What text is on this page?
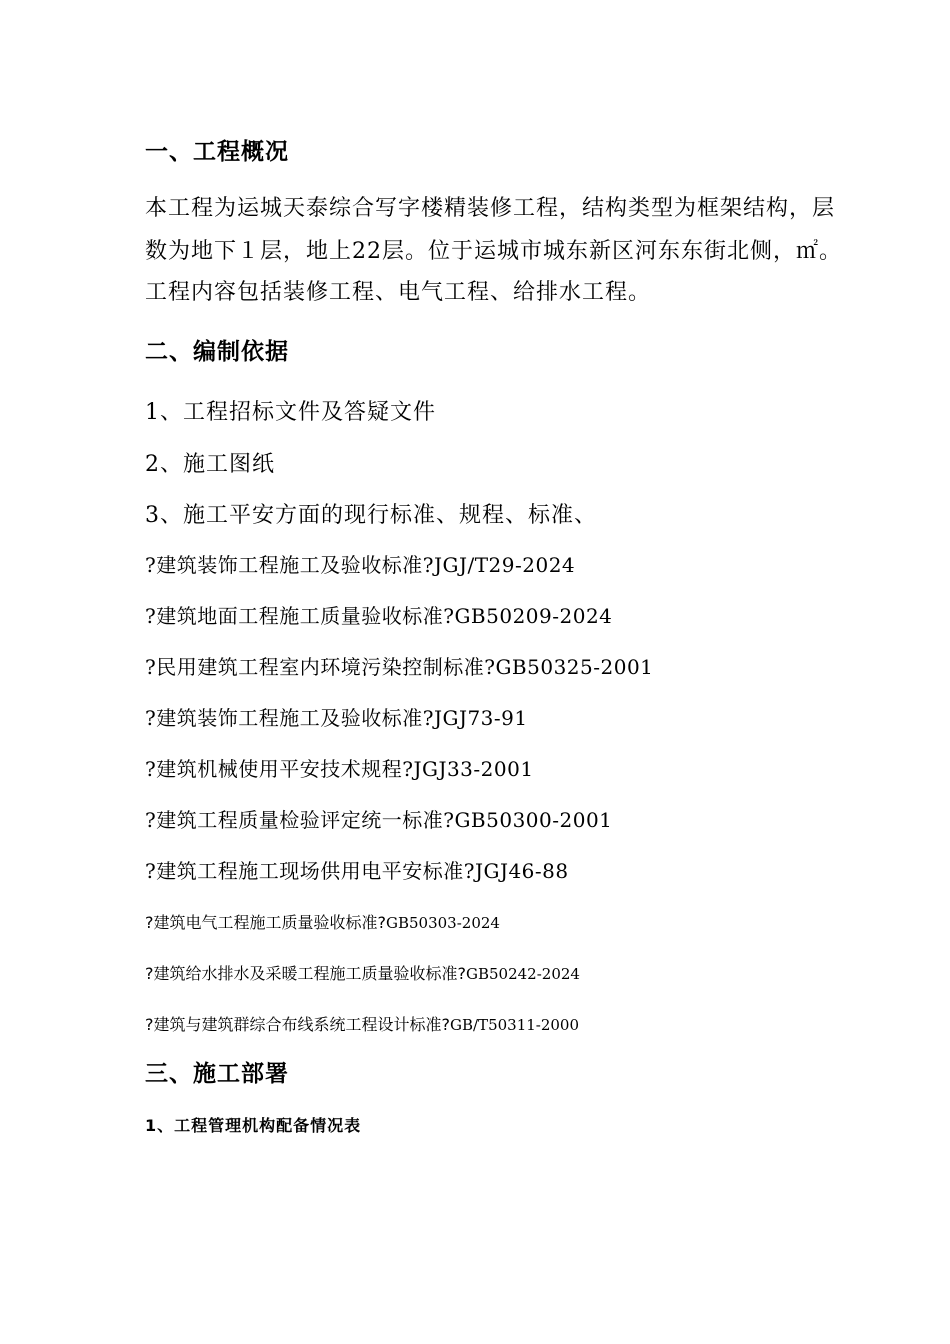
一、工程概况
本工程为运城天泰综合写字楼精装修工程，结构类型为框架结构，层
数为地下１层，地上22层。位于运城市城东新区河东东街北侧，㎡。
工程内容包括装修工程、电气工程、给排水工程。
二、编制依据
1、工程招标文件及答疑文件
2、施工图纸
3、施工平安方面的现行标准、规程、标准、
?建筑装饰工程施工及验收标准?JGJ/T29-2024
?建筑地面工程施工质量验收标准?GB50209-2024
?民用建筑工程室内环境污染控制标准?GB50325-2001
?建筑装饰工程施工及验收标准?JGJ73-91
?建筑机械使用平安技术规程?JGJ33-2001
?建筑工程质量检验评定统一标准?GB50300-2001
?建筑工程施工现场供用电平安标准?JGJ46-88
?建筑电气工程施工质量验收标准?GB50303-2024
?建筑给水排水及采暖工程施工质量验收标准?GB50242-2024
?建筑与建筑群综合布线系统工程设计标准?GB/T50311-2000
三、施工部署
1、工程管理机构配备情况表
